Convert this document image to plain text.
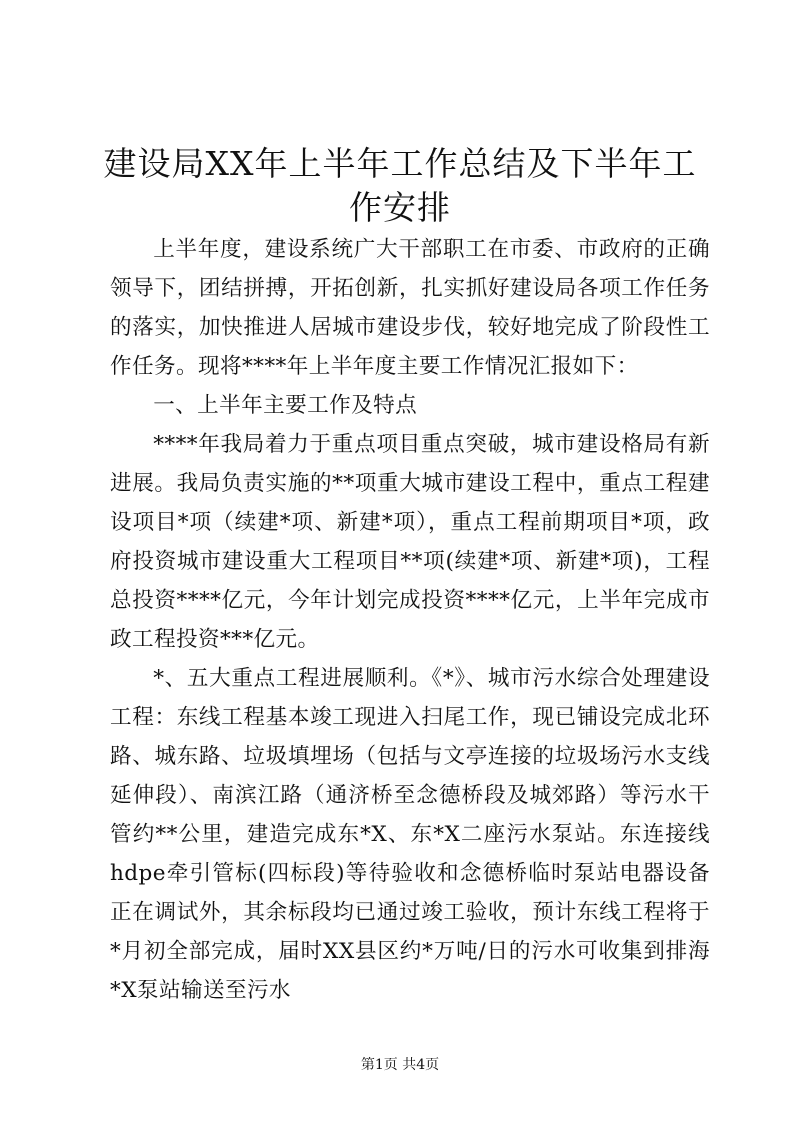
建设局XX年上半年工作总结及下半年工作安排

上半年度，建设系统广大干部职工在市委、市政府的正确领导下，团结拼搏，开拓创新，扎实抓好建设局各项工作任务的落实，加快推进人居城市建设步伐，较好地完成了阶段性工作任务。现将****年上半年度主要工作情况汇报如下：

一、上半年主要工作及特点

****年我局着力于重点项目重点突破，城市建设格局有新进展。我局负责实施的**项重大城市建设工程中，重点工程建设项目*项（续建*项、新建*项），重点工程前期项目*项，政府投资城市建设重大工程项目**项(续建*项、新建*项)，工程总投资****亿元，今年计划完成投资****亿元，上半年完成市政工程投资***亿元。

*、五大重点工程进展顺利。《*》、城市污水综合处理建设工程：东线工程基本竣工现进入扫尾工作，现已铺设完成北环路、城东路、垃圾填埋场（包括与文亭连接的垃圾场污水支线延伸段）、南滨江路（通济桥至念德桥段及城郊路）等污水干管约**公里，建造完成东*X、东*X二座污水泵站。东连接线hdpe牵引管标(四标段)等待验收和念德桥临时泵站电器设备正在调试外，其余标段均已通过竣工验收，预计东线工程将于*月初全部完成，届时XX县区约*万吨/日的污水可收集到排海*X泵站输送至污水

第1页 共4页
